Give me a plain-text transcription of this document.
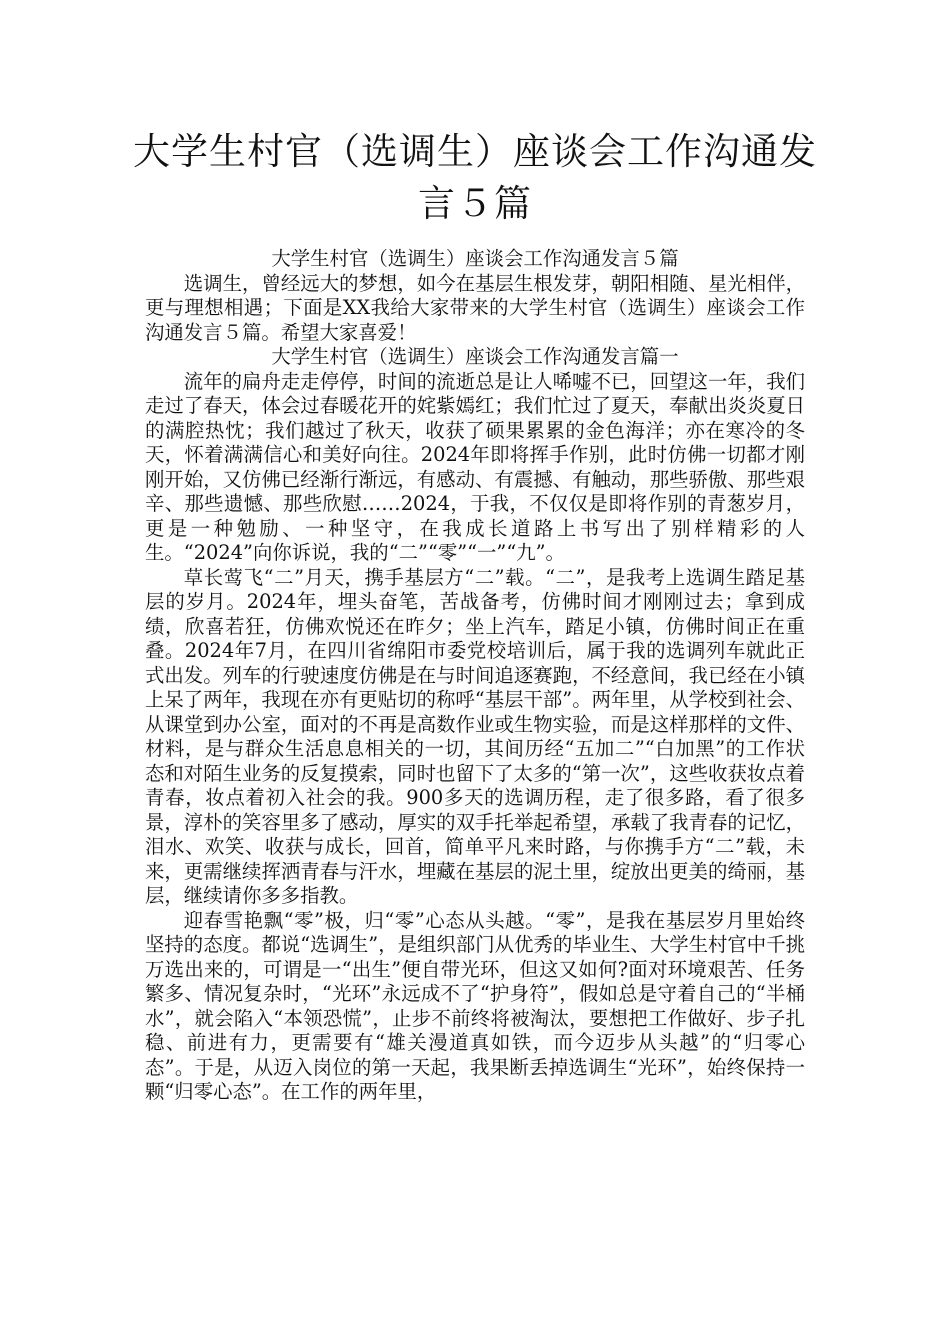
大学生村官（选调生）座谈会工作沟通发
言５篇

大学生村官（选调生）座谈会工作沟通发言５篇

选调生，曾经远大的梦想，如今在基层生根发芽，朝阳相随、星光相伴，更与理想相遇；下面是XX我给大家带来的大学生村官（选调生）座谈会工作沟通发言５篇。希望大家喜爱！

大学生村官（选调生）座谈会工作沟通发言篇一

流年的扁舟走走停停，时间的流逝总是让人唏嘘不已，回望这一年，我们走过了春天，体会过春暖花开的姹紫嫣红；我们忙过了夏天，奉献出炎炎夏日的满腔热忱；我们越过了秋天，收获了硕果累累的金色海洋；亦在寒冷的冬天，怀着满满信心和美好向往。2024年即将挥手作别，此时仿佛一切都才刚刚开始，又仿佛已经渐行渐远，有感动、有震撼、有触动，那些骄傲、那些艰辛、那些遗憾、那些欣慰……2024，于我，不仅仅是即将作别的青葱岁月，更是一种勉励、一种坚守，在我成长道路上书写出了别样精彩的人生。“2024”向你诉说，我的“二”“零”“一”“九”。

草长莺飞“二”月天，携手基层方“二”载。“二”，是我考上选调生踏足基层的岁月。2024年，埋头奋笔，苦战备考，仿佛时间才刚刚过去；拿到成绩，欣喜若狂，仿佛欢悦还在昨夕；坐上汽车，踏足小镇，仿佛时间正在重叠。2024年7月，在四川省绵阳市委党校培训后，属于我的选调列车就此正式出发。列车的行驶速度仿佛是在与时间追逐赛跑，不经意间，我已经在小镇上呆了两年，我现在亦有更贴切的称呼“基层干部”。两年里，从学校到社会、从课堂到办公室，面对的不再是高数作业或生物实验，而是这样那样的文件、材料，是与群众生活息息相关的一切，其间历经“五加二”“白加黑”的工作状态和对陌生业务的反复摸索，同时也留下了太多的“第一次”，这些收获妆点着青春，妆点着初入社会的我。900多天的选调历程，走了很多路，看了很多景，淳朴的笑容里多了感动，厚实的双手托举起希望，承载了我青春的记忆，泪水、欢笑、收获与成长，回首，简单平凡来时路，与你携手方“二”载，未来，更需继续挥洒青春与汗水，埋藏在基层的泥土里，绽放出更美的绮丽，基层，继续请你多多指教。

迎春雪艳飘“零”极，归“零”心态从头越。“零”，是我在基层岁月里始终坚持的态度。都说“选调生”，是组织部门从优秀的毕业生、大学生村官中千挑万选出来的，可谓是一“出生”便自带光环，但这又如何?面对环境艰苦、任务繁多、情况复杂时，“光环”永远成不了“护身符”，假如总是守着自己的“半桶水”，就会陷入“本领恐慌”，止步不前终将被淘汰，要想把工作做好、步子扎稳、前进有力，更需要有“雄关漫道真如铁，而今迈步从头越”的“归零心态”。于是，从迈入岗位的第一天起，我果断丢掉选调生“光环”，始终保持一颗“归零心态”。在工作的两年里，
